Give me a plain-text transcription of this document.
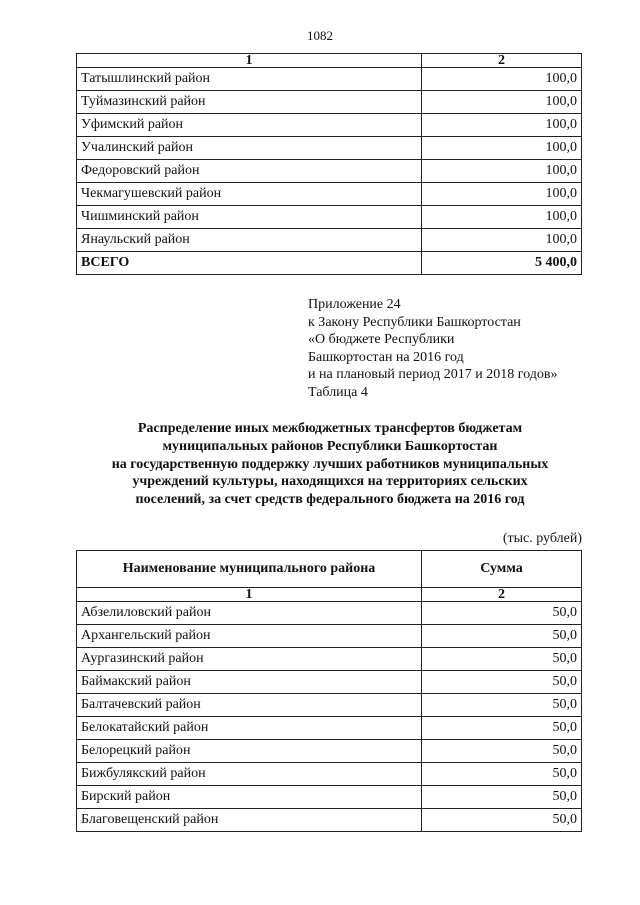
1082
1	2
Татышлинский район	100,0
Туймазинский район	100,0
Уфимский район	100,0
Учалинский район	100,0
Федоровский район	100,0
Чекмагушевский район	100,0
Чишминский район	100,0
Янаульский район	100,0
ВСЕГО	5 400,0
Приложение 24
к Закону Республики Башкортостан
«О бюджете Республики
Башкортостан на 2016 год
и на плановый период 2017 и 2018 годов»
Таблица 4
Распределение иных межбюджетных трансфертов бюджетам
муниципальных районов Республики Башкортостан
на государственную поддержку лучших работников муниципальных
учреждений культуры, находящихся на территориях сельских
поселений, за счет средств федерального бюджета на 2016 год
(тыс. рублей)
Наименование муниципального района	Сумма
1	2
Абзелиловский район	50,0
Архангельский район	50,0
Аургазинский район	50,0
Баймакский район	50,0
Балтачевский район	50,0
Белокатайский район	50,0
Белорецкий район	50,0
Бижбулякский район	50,0
Бирский район	50,0
Благовещенский район	50,0
